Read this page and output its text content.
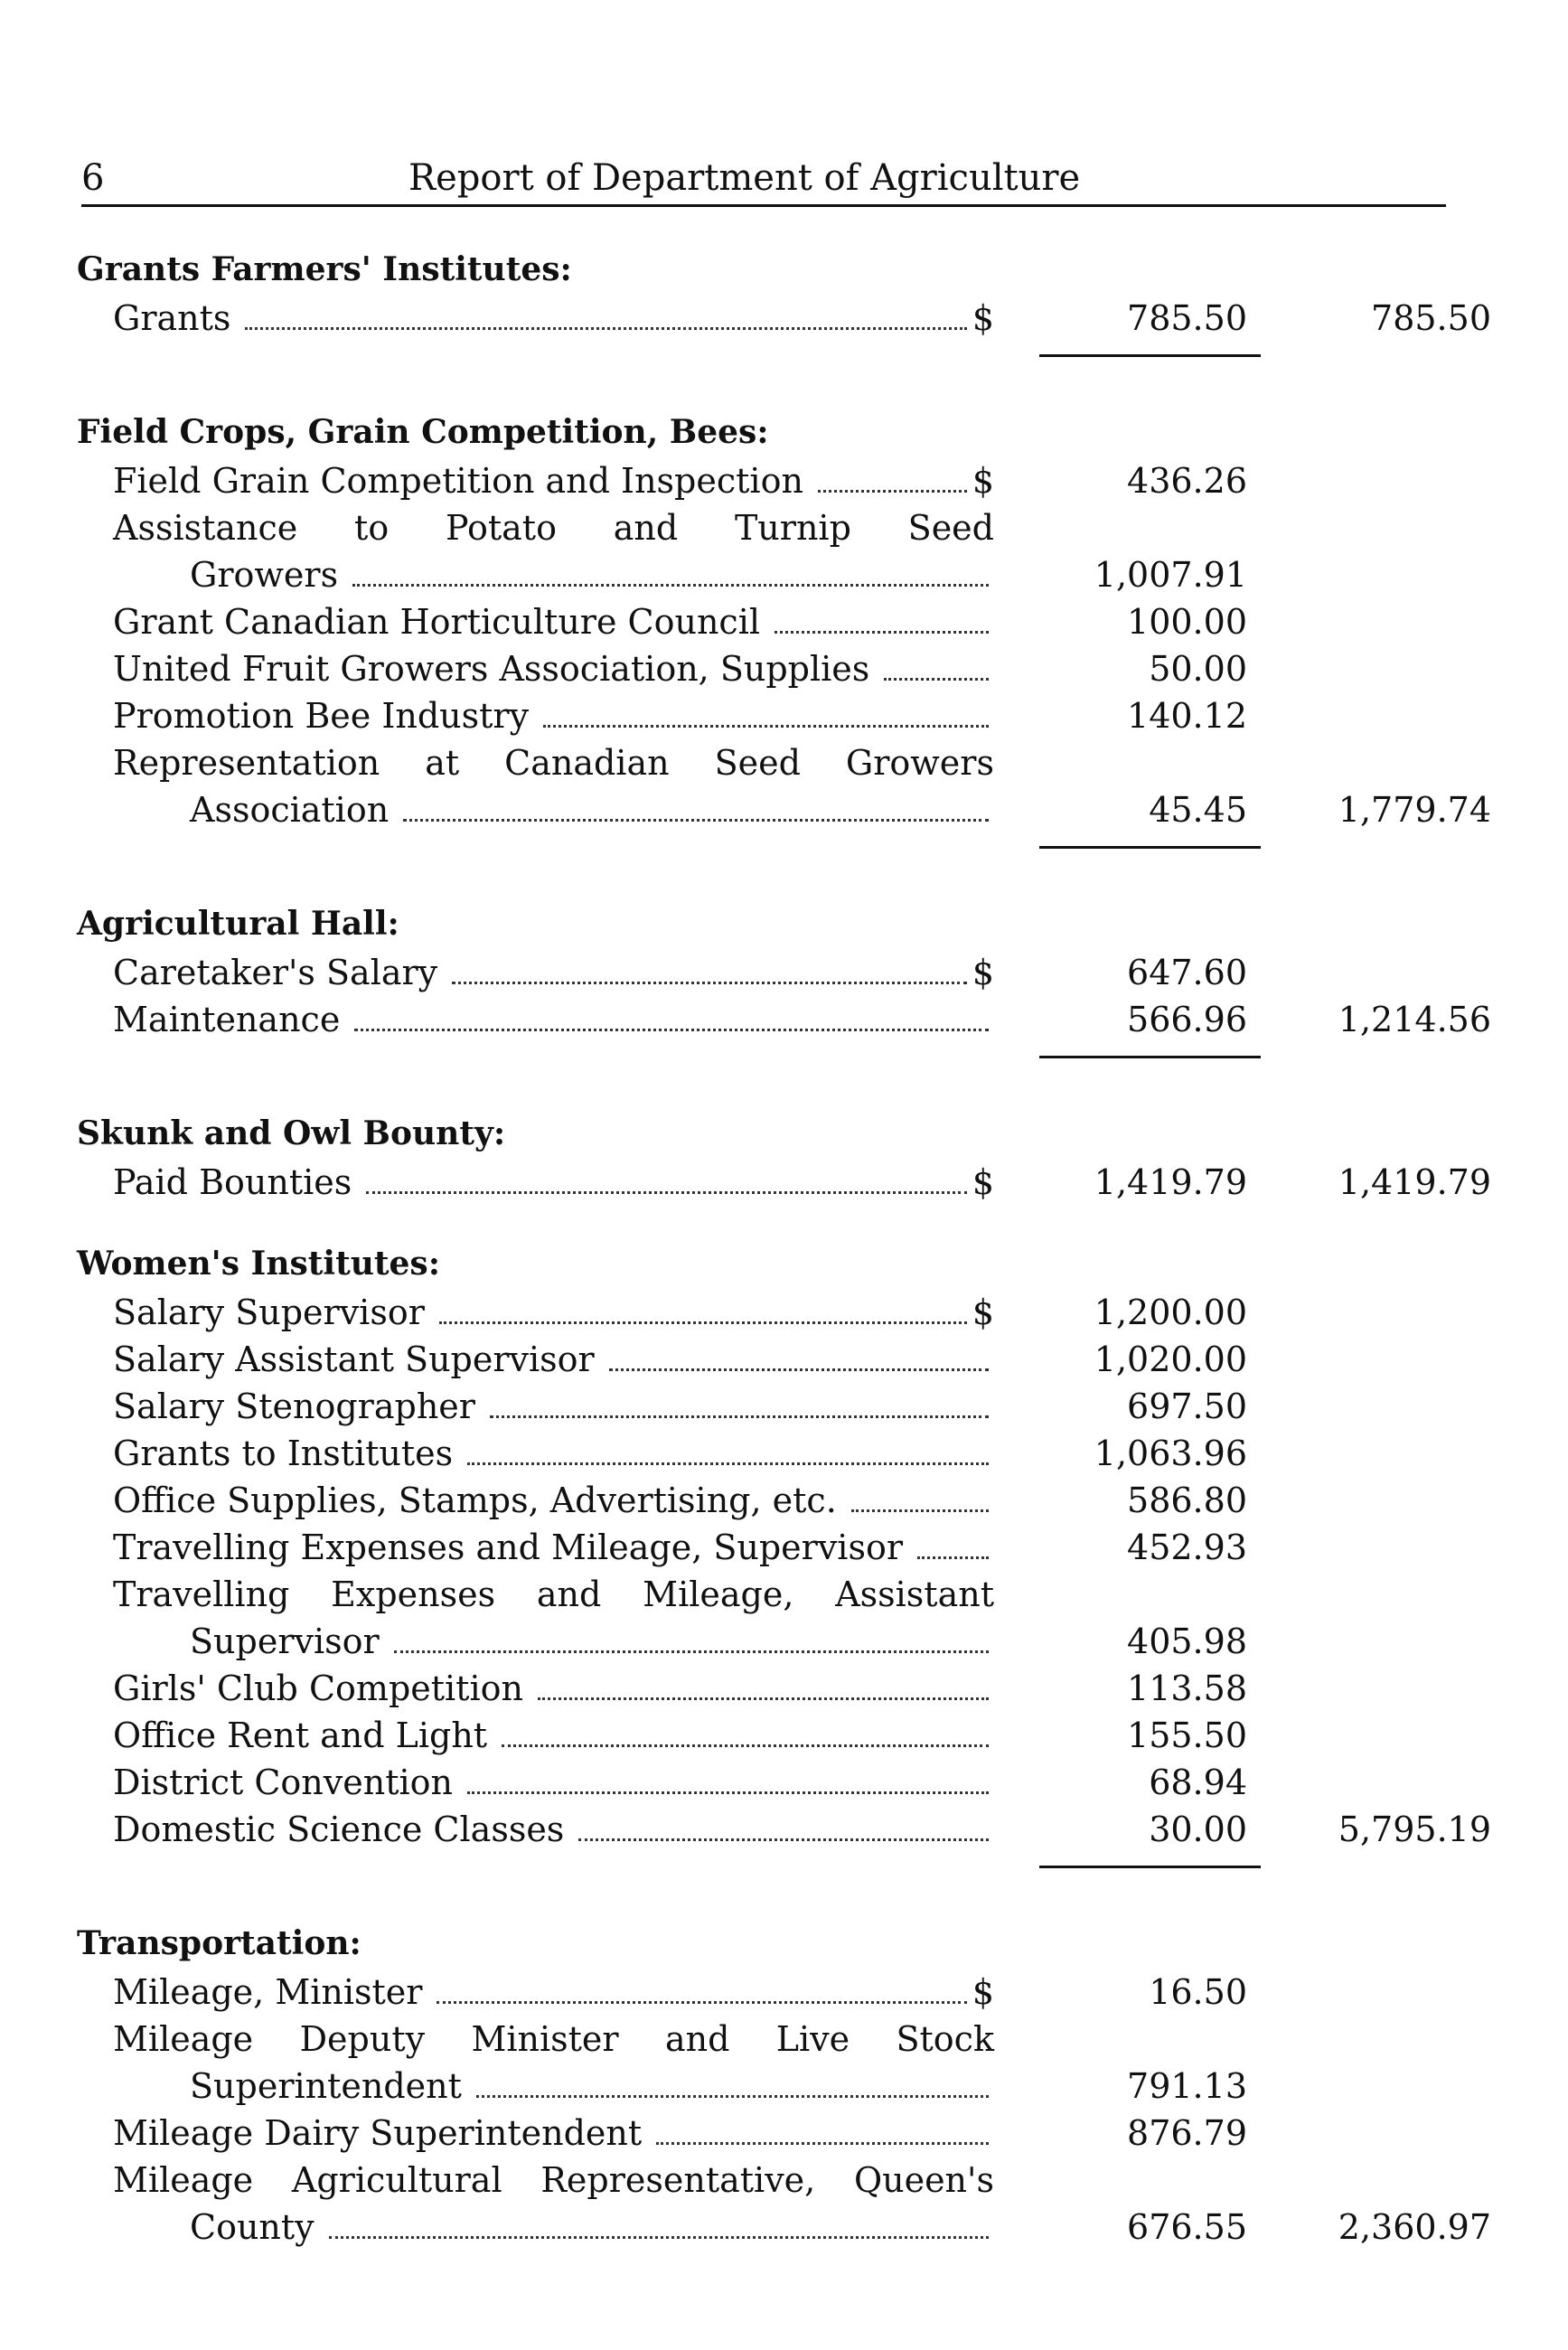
6	Report of Department of Agriculture
Grants Farmers' Institutes:
Grants	$	785.50	785.50
Field Crops, Grain Competition, Bees:
Field Grain Competition and Inspection	$	436.26
Assistance to Potato and Turnip Seed
Growers	1,007.91
Grant Canadian Horticulture Council	100.00
United Fruit Growers Association, Supplies	50.00
Promotion Bee Industry	140.12
Representation at Canadian Seed Growers
Association	45.45	1,779.74
Agricultural Hall:
Caretaker's Salary	$	647.60
Maintenance	566.96	1,214.56
Skunk and Owl Bounty:
Paid Bounties	$	1,419.79	1,419.79
Women's Institutes:
Salary Supervisor	$	1,200.00
Salary Assistant Supervisor	1,020.00
Salary Stenographer	697.50
Grants to Institutes	1,063.96
Office Supplies, Stamps, Advertising, etc.	586.80
Travelling Expenses and Mileage, Supervisor	452.93
Travelling Expenses and Mileage, Assistant
Supervisor	405.98
Girls' Club Competition	113.58
Office Rent and Light	155.50
District Convention	68.94
Domestic Science Classes	30.00	5,795.19
Transportation:
Mileage, Minister	$	16.50
Mileage Deputy Minister and Live Stock
Superintendent	791.13
Mileage Dairy Superintendent	876.79
Mileage Agricultural Representative, Queen's
County	676.55	2,360.97
